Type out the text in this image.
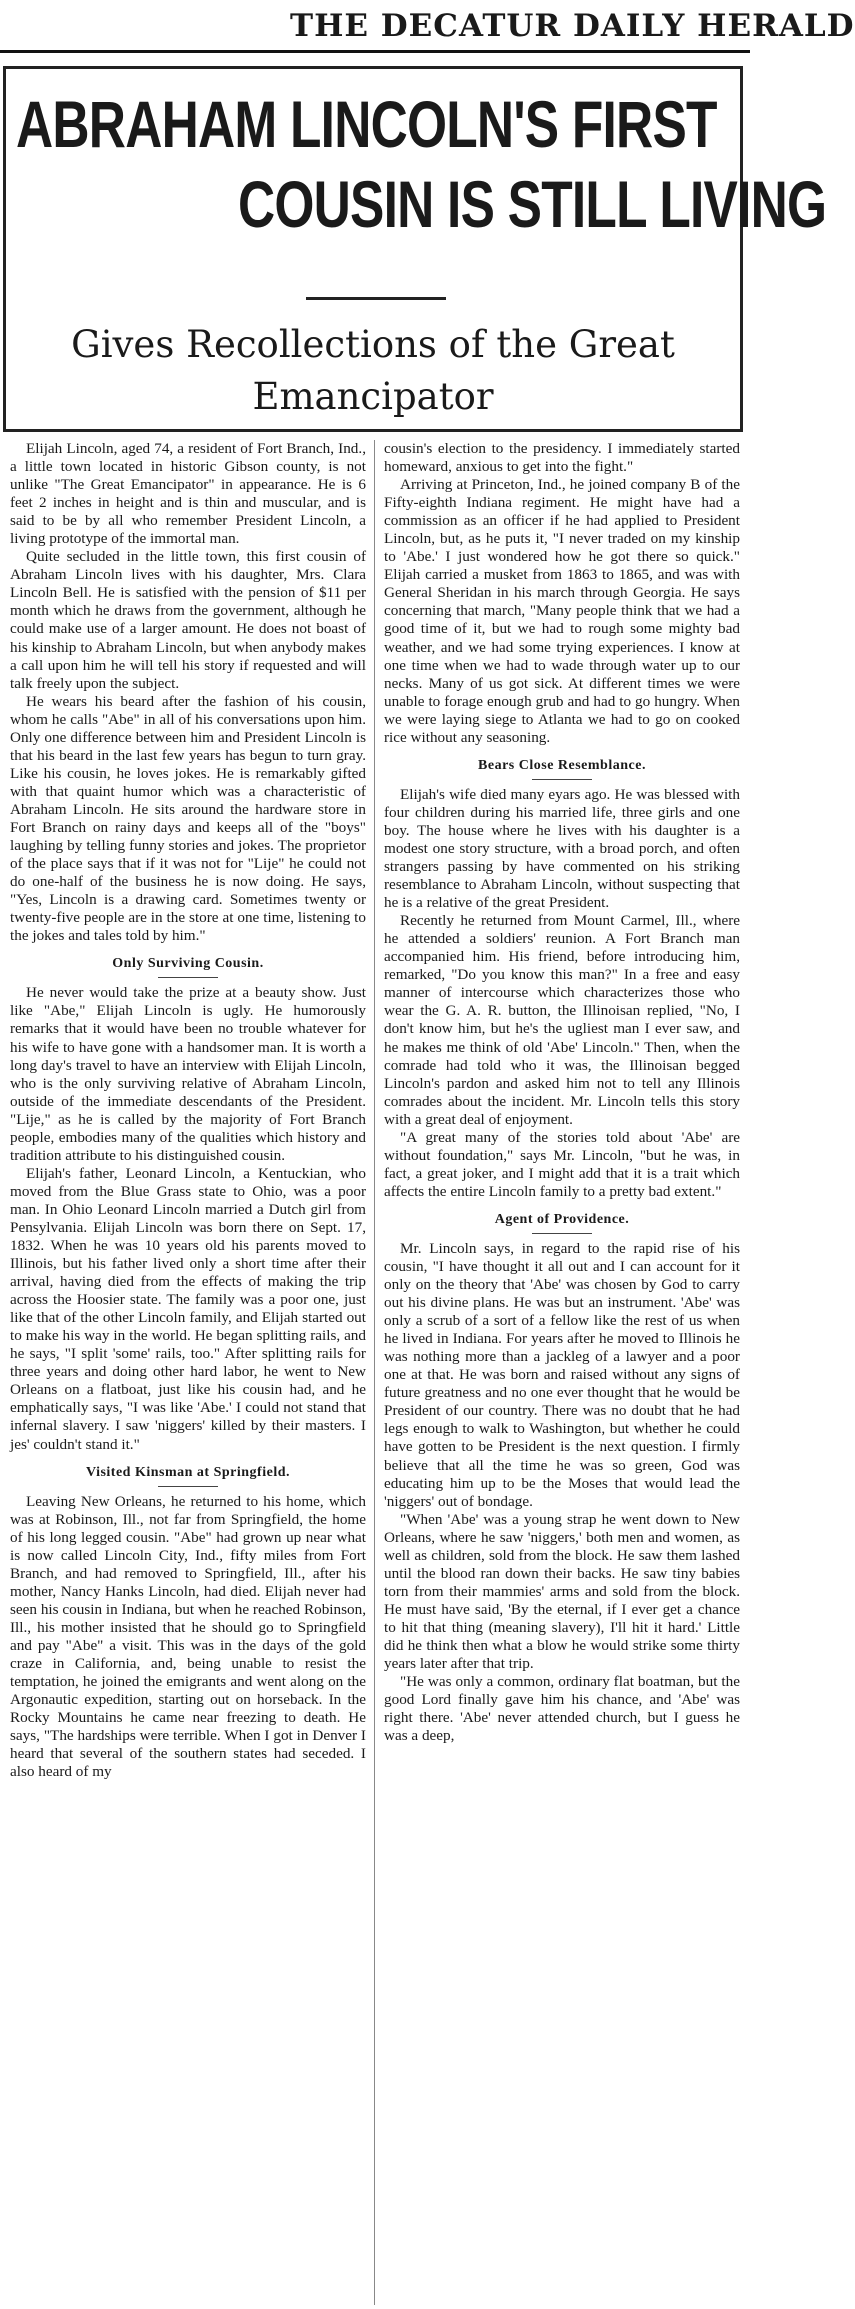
THE DECATUR DAILY HERALD
ABRAHAM LINCOLN'S FIRST
COUSIN IS STILL LIVING
Gives Recollections of the Great Emancipator

Elijah Lincoln, aged 74, a resident of Fort Branch, Ind., a little town located in historic Gibson county, is not unlike "The Great Emancipator" in appearance. He is 6 feet 2 inches in height and is thin and muscular, and is said to be by all who remember President Lincoln, a living prototype of the immortal man.

Quite secluded in the little town, this first cousin of Abraham Lincoln lives with his daughter, Mrs. Clara Lincoln Bell. He is satisfied with the pension of $11 per month which he draws from the government, although he could make use of a larger amount. He does not boast of his kinship to Abraham Lincoln, but when anybody makes a call upon him he will tell his story if requested and will talk freely upon the subject.

He wears his beard after the fashion of his cousin, whom he calls "Abe" in all of his conversations upon him. Only one difference between him and President Lincoln is that his beard in the last few years has begun to turn gray. Like his cousin, he loves jokes. He is remarkably gifted with that quaint humor which was a characteristic of Abraham Lincoln. He sits around the hardware store in Fort Branch on rainy days and keeps all of the "boys" laughing by telling funny stories and jokes. The proprietor of the place says that if it was not for "Lije" he could not do one-half of the business he is now doing. He says, "Yes, Lincoln is a drawing card. Sometimes twenty or twenty-five people are in the store at one time, listening to the jokes and tales told by him."

Only Surviving Cousin.

He never would take the prize at a beauty show. Just like "Abe," Elijah Lincoln is ugly. He humorously remarks that it would have been no trouble whatever for his wife to have gone with a handsomer man. It is worth a long day's travel to have an interview with Elijah Lincoln, who is the only surviving relative of Abraham Lincoln, outside of the immediate descendants of the President. "Lije," as he is called by the majority of Fort Branch people, embodies many of the qualities which history and tradition attribute to his distinguished cousin.

Elijah's father, Leonard Lincoln, a Kentuckian, who moved from the Blue Grass state to Ohio, was a poor man. In Ohio Leonard Lincoln married a Dutch girl from Pensylvania. Elijah Lincoln was born there on Sept. 17, 1832. When he was 10 years old his parents moved to Illinois, but his father lived only a short time after their arrival, having died from the effects of making the trip across the Hoosier state. The family was a poor one, just like that of the other Lincoln family, and Elijah started out to make his way in the world. He began splitting rails, and he says, "I split 'some' rails, too." After splitting rails for three years and doing other hard labor, he went to New Orleans on a flatboat, just like his cousin had, and he emphatically says, "I was like 'Abe.' I could not stand that infernal slavery. I saw 'niggers' killed by their masters. I jes' couldn't stand it."

Visited Kinsman at Springfield.

Leaving New Orleans, he returned to his home, which was at Robinson, Ill., not far from Springfield, the home of his long legged cousin. "Abe" had grown up near what is now called Lincoln City, Ind., fifty miles from Fort Branch, and had removed to Springfield, Ill., after his mother, Nancy Hanks Lincoln, had died. Elijah never had seen his cousin in Indiana, but when he reached Robinson, Ill., his mother insisted that he should go to Springfield and pay "Abe" a visit. This was in the days of the gold craze in California, and, being unable to resist the temptation, he joined the emigrants and went along on the Argonautic expedition, starting out on horseback. In the Rocky Mountains he came near freezing to death. He says, "The hardships were terrible. When I got in Denver I heard that several of the southern states had seceded. I also heard of my

cousin's election to the presidency. I immediately started homeward, anxious to get into the fight."

Arriving at Princeton, Ind., he joined company B of the Fifty-eighth Indiana regiment. He might have had a commission as an officer if he had applied to President Lincoln, but, as he puts it, "I never traded on my kinship to 'Abe.' I just wondered how he got there so quick." Elijah carried a musket from 1863 to 1865, and was with General Sheridan in his march through Georgia. He says concerning that march, "Many people think that we had a good time of it, but we had to rough some mighty bad weather, and we had some trying experiences. I know at one time when we had to wade through water up to our necks. Many of us got sick. At different times we were unable to forage enough grub and had to go hungry. When we were laying siege to Atlanta we had to go on cooked rice without any seasoning.

Bears Close Resemblance.

Elijah's wife died many eyars ago. He was blessed with four children during his married life, three girls and one boy. The house where he lives with his daughter is a modest one story structure, with a broad porch, and often strangers passing by have commented on his striking resemblance to Abraham Lincoln, without suspecting that he is a relative of the great President.

Recently he returned from Mount Carmel, Ill., where he attended a soldiers' reunion. A Fort Branch man accompanied him. His friend, before introducing him, remarked, "Do you know this man?" In a free and easy manner of intercourse which characterizes those who wear the G. A. R. button, the Illinoisan replied, "No, I don't know him, but he's the ugliest man I ever saw, and he makes me think of old 'Abe' Lincoln." Then, when the comrade had told who it was, the Illinoisan begged Lincoln's pardon and asked him not to tell any Illinois comrades about the incident. Mr. Lincoln tells this story with a great deal of enjoyment.

"A great many of the stories told about 'Abe' are without foundation," says Mr. Lincoln, "but he was, in fact, a great joker, and I might add that it is a trait which affects the entire Lincoln family to a pretty bad extent."

Agent of Providence.

Mr. Lincoln says, in regard to the rapid rise of his cousin, "I have thought it all out and I can account for it only on the theory that 'Abe' was chosen by God to carry out his divine plans. He was but an instrument. 'Abe' was only a scrub of a sort of a fellow like the rest of us when he lived in Indiana. For years after he moved to Illinois he was nothing more than a jackleg of a lawyer and a poor one at that. He was born and raised without any signs of future greatness and no one ever thought that he would be President of our country. There was no doubt that he had legs enough to walk to Washington, but whether he could have gotten to be President is the next question. I firmly believe that all the time he was so green, God was educating him up to be the Moses that would lead the 'niggers' out of bondage.

"When 'Abe' was a young strap he went down to New Orleans, where he saw 'niggers,' both men and women, as well as children, sold from the block. He saw them lashed until the blood ran down their backs. He saw tiny babies torn from their mammies' arms and sold from the block. He must have said, 'By the eternal, if I ever get a chance to hit that thing (meaning slavery), I'll hit it hard.' Little did he think then what a blow he would strike some thirty years later after that trip.

"He was only a common, ordinary flat boatman, but the good Lord finally gave him his chance, and 'Abe' was right there. 'Abe' never attended church, but I guess he was a deep,
